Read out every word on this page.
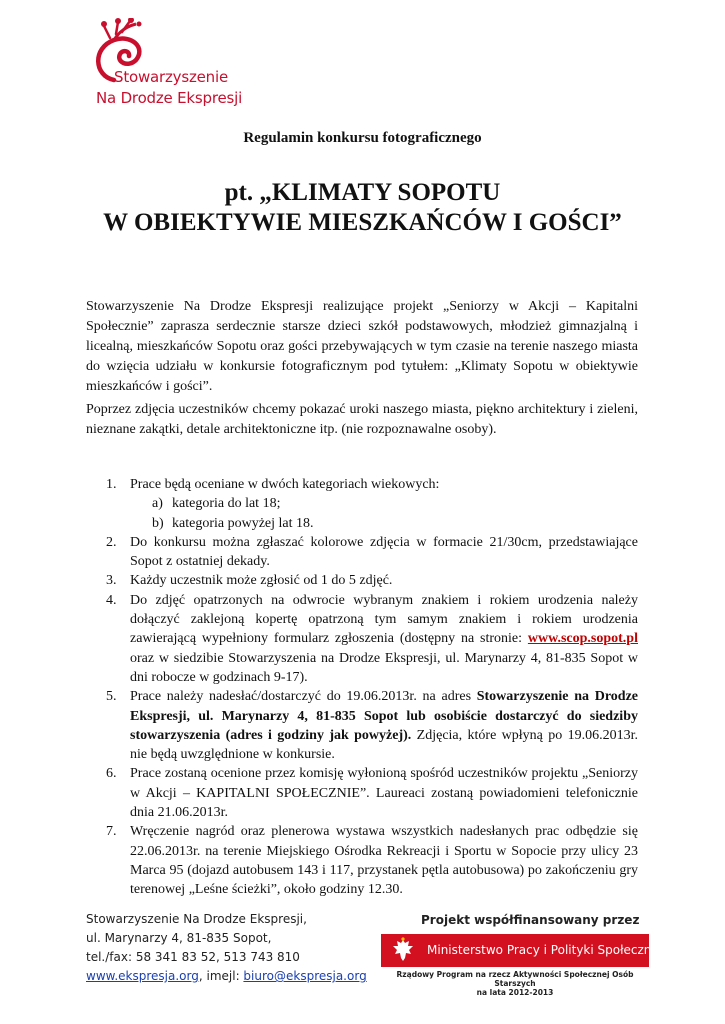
Stowarzyszenie
Na Drodze Ekspresji
Regulamin konkursu fotograficznego
pt. „KLIMATY SOPOTU
W OBIEKTYWIE MIESZKAŃCÓW I GOŚCI”
Stowarzyszenie Na Drodze Ekspresji realizujące projekt „Seniorzy w Akcji – Kapitalni Społecznie” zaprasza serdecznie starsze dzieci szkół podstawowych, młodzież gimnazjalną i licealną, mieszkańców Sopotu oraz gości przebywających w tym czasie na terenie naszego miasta do wzięcia udziału w konkursie fotograficznym pod tytułem: „Klimaty Sopotu w obiektywie mieszkańców i gości”.
Poprzez zdjęcia uczestników chcemy pokazać uroki naszego miasta, piękno architektury i zieleni, nieznane zakątki, detale architektoniczne itp. (nie rozpoznawalne osoby).
1. Prace będą oceniane w dwóch kategoriach wiekowych:
a) kategoria do lat 18;
b) kategoria powyżej lat 18.
2. Do konkursu można zgłaszać kolorowe zdjęcia w formacie 21/30cm, przedstawiające Sopot z ostatniej dekady.
3. Każdy uczestnik może zgłosić od 1 do 5 zdjęć.
4. Do zdjęć opatrzonych na odwrocie wybranym znakiem i rokiem urodzenia należy dołączyć zaklejoną kopertę opatrzoną tym samym znakiem i rokiem urodzenia zawierającą wypełniony formularz zgłoszenia (dostępny na stronie: www.scop.sopot.pl oraz w siedzibie Stowarzyszenia na Drodze Ekspresji, ul. Marynarzy 4, 81-835 Sopot w dni robocze w godzinach 9-17).
5. Prace należy nadesłać/dostarczyć do 19.06.2013r. na adres Stowarzyszenie na Drodze Ekspresji, ul. Marynarzy 4, 81-835 Sopot lub osobiście dostarczyć do siedziby stowarzyszenia (adres i godziny jak powyżej). Zdjęcia, które wpłyną po 19.06.2013r. nie będą uwzględnione w konkursie.
6. Prace zostaną ocenione przez komisję wyłonioną spośród uczestników projektu „Seniorzy w Akcji – KAPITALNI SPOŁECZNIE”. Laureaci zostaną powiadomieni telefonicznie dnia 21.06.2013r.
7. Wręczenie nagród oraz plenerowa wystawa wszystkich nadesłanych prac odbędzie się 22.06.2013r. na terenie Miejskiego Ośrodka Rekreacji i Sportu w Sopocie przy ulicy 23 Marca 95 (dojazd autobusem 143 i 117, przystanek pętla autobusowa) po zakończeniu gry terenowej „Leśne ścieżki”, około godziny 12.30.
Stowarzyszenie Na Drodze Ekspresji,
ul. Marynarzy 4, 81-835 Sopot,
tel./fax: 58 341 83 52, 513 743 810
www.ekspresja.org, imejl: biuro@ekspresja.org
Projekt współfinansowany przez
Ministerstwo Pracy i Polityki Społecznej
Rządowy Program na rzecz Aktywności Społecznej Osób Starszych
na lata 2012-2013
